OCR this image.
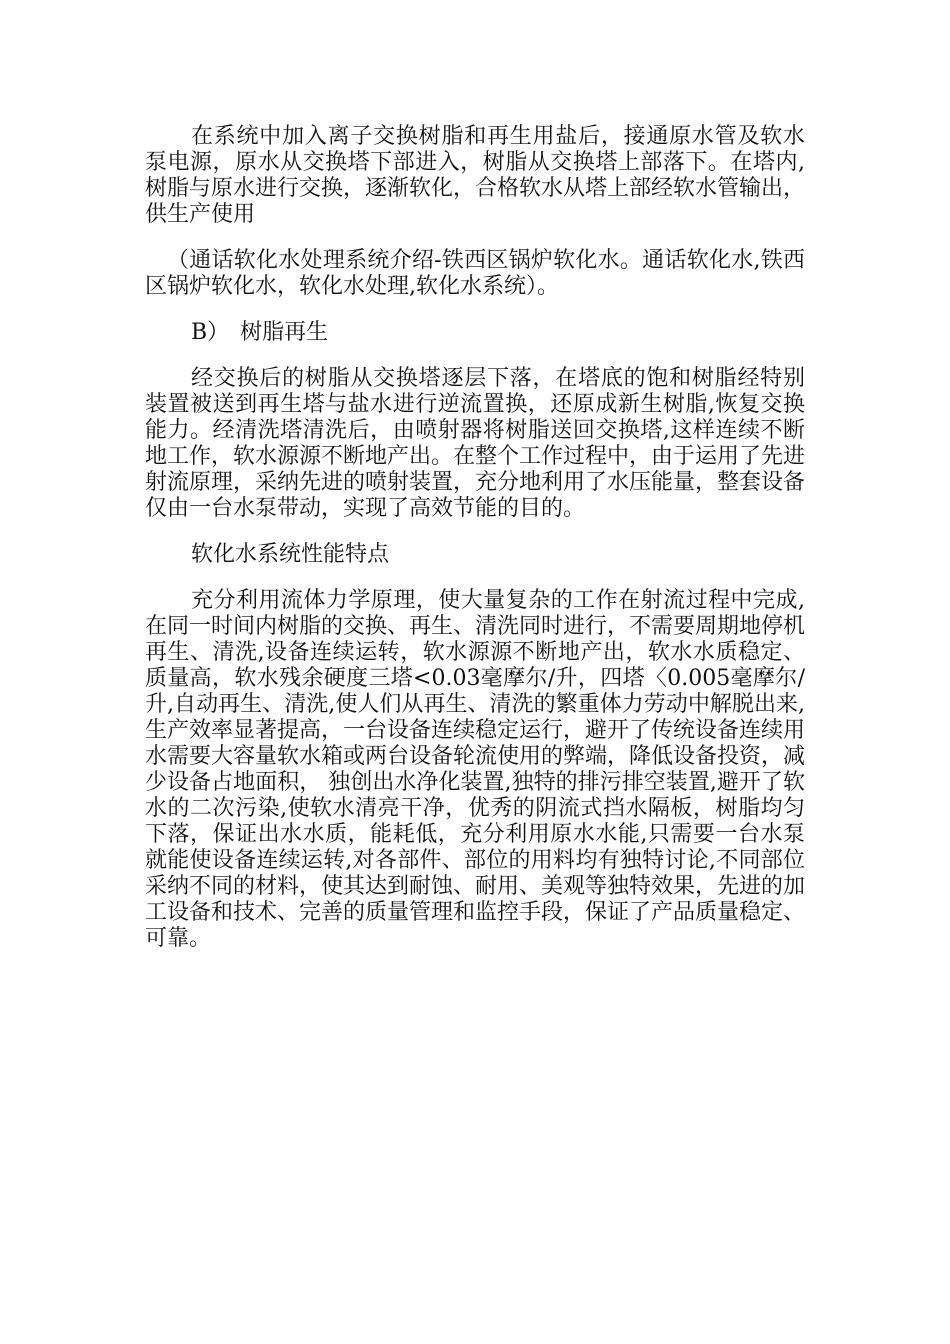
在系统中加入离子交换树脂和再生用盐后，接通原水管及软水泵电源，原水从交换塔下部进入，树脂从交换塔上部落下。在塔内,树脂与原水进行交换，逐渐软化，合格软水从塔上部经软水管输出，供生产使用

（通话软化水处理系统介绍-铁西区锅炉软化水。通话软化水,铁西区锅炉软化水，软化水处理,软化水系统）。

B）　树脂再生

经交换后的树脂从交换塔逐层下落，在塔底的饱和树脂经特别装置被送到再生塔与盐水进行逆流置换，还原成新生树脂,恢复交换能力。经清洗塔清洗后，由喷射器将树脂送回交换塔,这样连续不断地工作，软水源源不断地产出。在整个工作过程中，由于运用了先进射流原理，采纳先进的喷射装置，充分地利用了水压能量，整套设备仅由一台水泵带动，实现了高效节能的目的。

软化水系统性能特点

充分利用流体力学原理，使大量复杂的工作在射流过程中完成,在同一时间内树脂的交换、再生、清洗同时进行，不需要周期地停机再生、清洗,设备连续运转，软水源源不断地产出，软水水质稳定、质量高，软水残余硬度三塔<0.03毫摩尔/升，四塔〈0.005毫摩尔/升,自动再生、清洗,使人们从再生、清洗的繁重体力劳动中解脱出来,生产效率显著提高，一台设备连续稳定运行，避开了传统设备连续用水需要大容量软水箱或两台设备轮流使用的弊端，降低设备投资，减少设备占地面积， 独创出水净化装置,独特的排污排空装置,避开了软水的二次污染,使软水清亮干净，优秀的阴流式挡水隔板，树脂均匀下落，保证出水水质，能耗低，充分利用原水水能,只需要一台水泵就能使设备连续运转,对各部件、部位的用料均有独特讨论,不同部位采纳不同的材料，使其达到耐蚀、耐用、美观等独特效果，先进的加工设备和技术、完善的质量管理和监控手段，保证了产品质量稳定、可靠。
